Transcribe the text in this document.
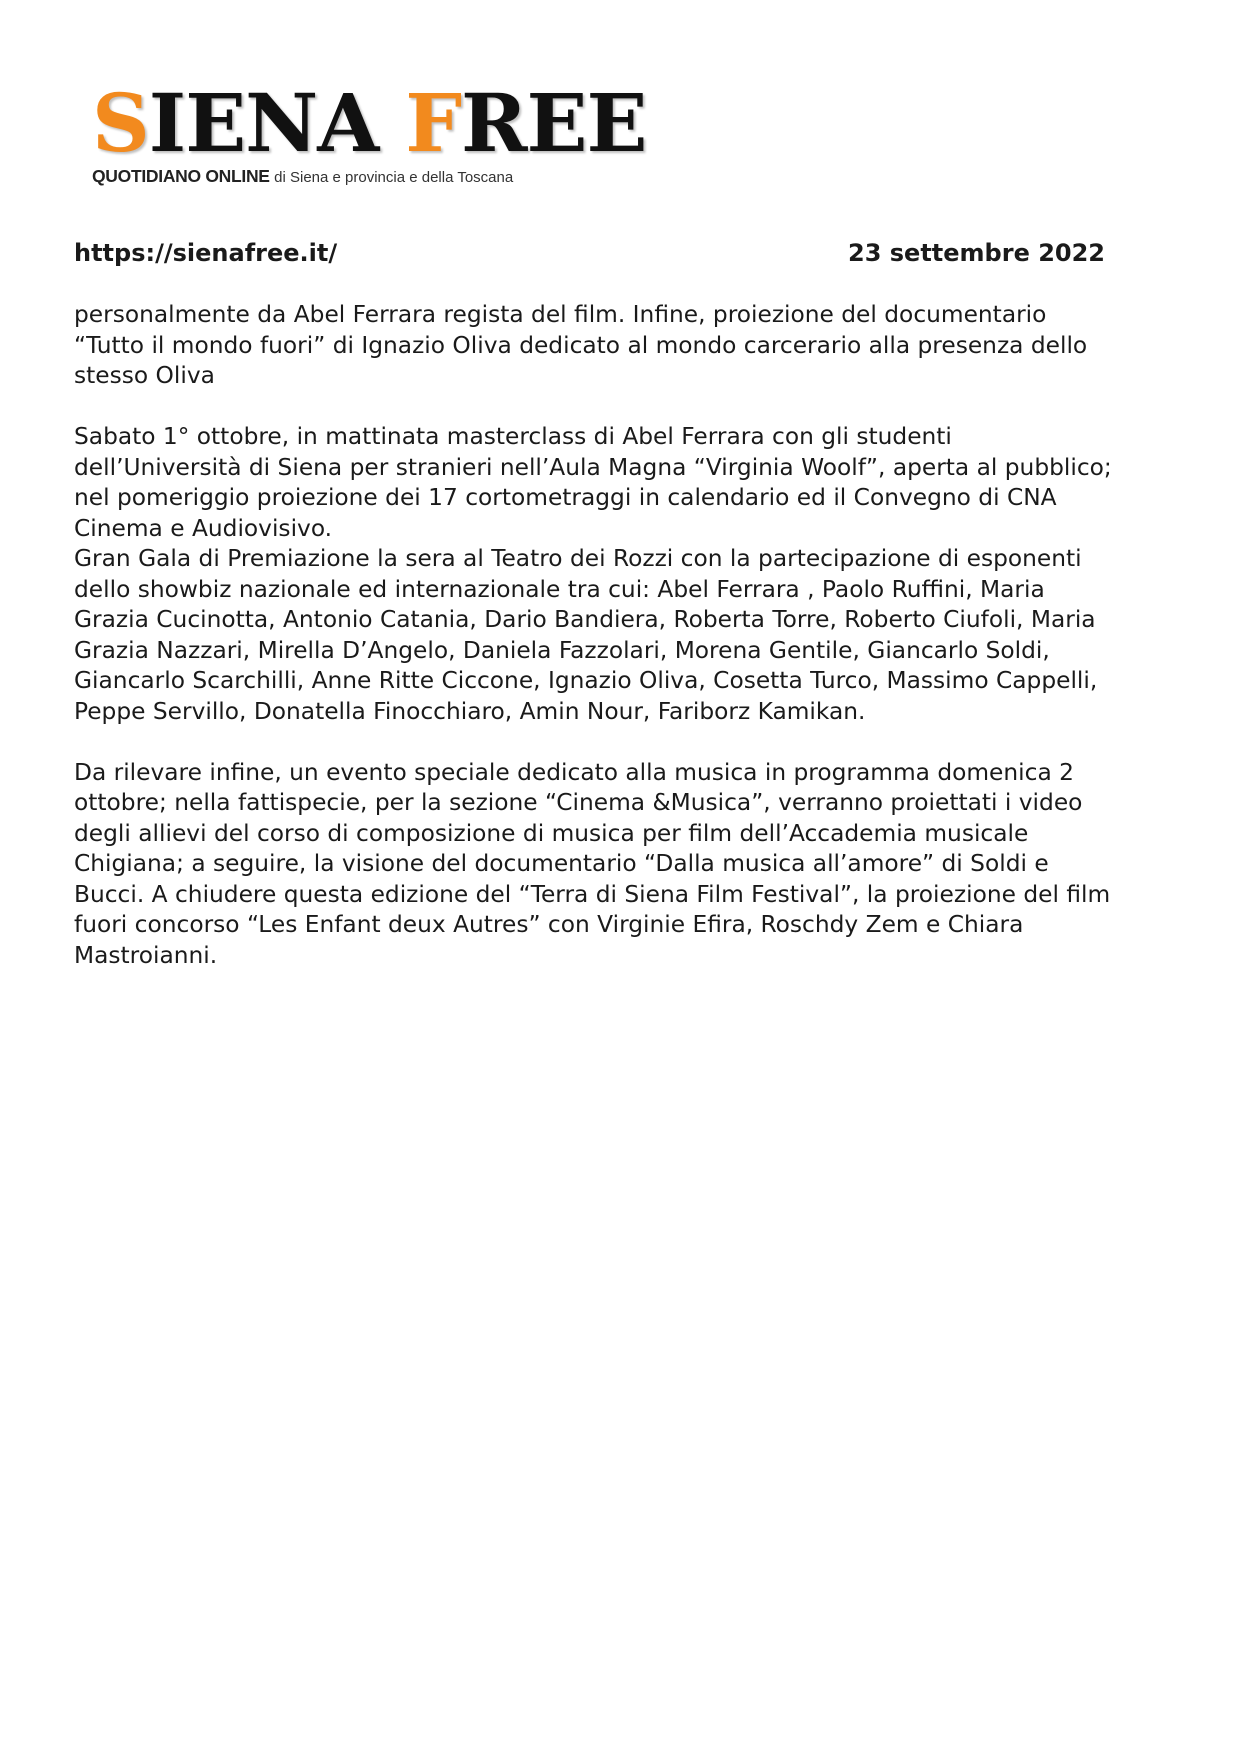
SIENA FREE
QUOTIDIANO ONLINE di Siena e provincia e della Toscana
https://sienafree.it/	23 settembre 2022

personalmente da Abel Ferrara regista del film. Infine, proiezione del documentario “Tutto il mondo fuori” di Ignazio Oliva dedicato al mondo carcerario alla presenza dello stesso Oliva

Sabato 1° ottobre, in mattinata masterclass di Abel Ferrara con gli studenti dell’Università di Siena per stranieri nell’Aula Magna “Virginia Woolf”, aperta al pubblico; nel pomeriggio proiezione dei 17 cortometraggi in calendario ed il Convegno di CNA Cinema e Audiovisivo.

Gran Gala di Premiazione la sera al Teatro dei Rozzi con la partecipazione di esponenti dello showbiz nazionale ed internazionale tra cui: Abel Ferrara , Paolo Ruffini, Maria Grazia Cucinotta, Antonio Catania, Dario Bandiera, Roberta Torre, Roberto Ciufoli, Maria Grazia Nazzari, Mirella D’Angelo, Daniela Fazzolari, Morena Gentile, Giancarlo Soldi, Giancarlo Scarchilli, Anne Ritte Ciccone, Ignazio Oliva, Cosetta Turco, Massimo Cappelli, Peppe Servillo, Donatella Finocchiaro, Amin Nour, Fariborz Kamikan.

Da rilevare infine, un evento speciale dedicato alla musica in programma domenica 2 ottobre; nella fattispecie, per la sezione “Cinema &Musica”, verranno proiettati i video degli allievi del corso di composizione di musica per film dell’Accademia musicale Chigiana; a seguire, la visione del documentario “Dalla musica all’amore” di Soldi e Bucci. A chiudere questa edizione del “Terra di Siena Film Festival”, la proiezione del film fuori concorso “Les Enfant deux Autres” con Virginie Efira, Roschdy Zem e Chiara Mastroianni.
